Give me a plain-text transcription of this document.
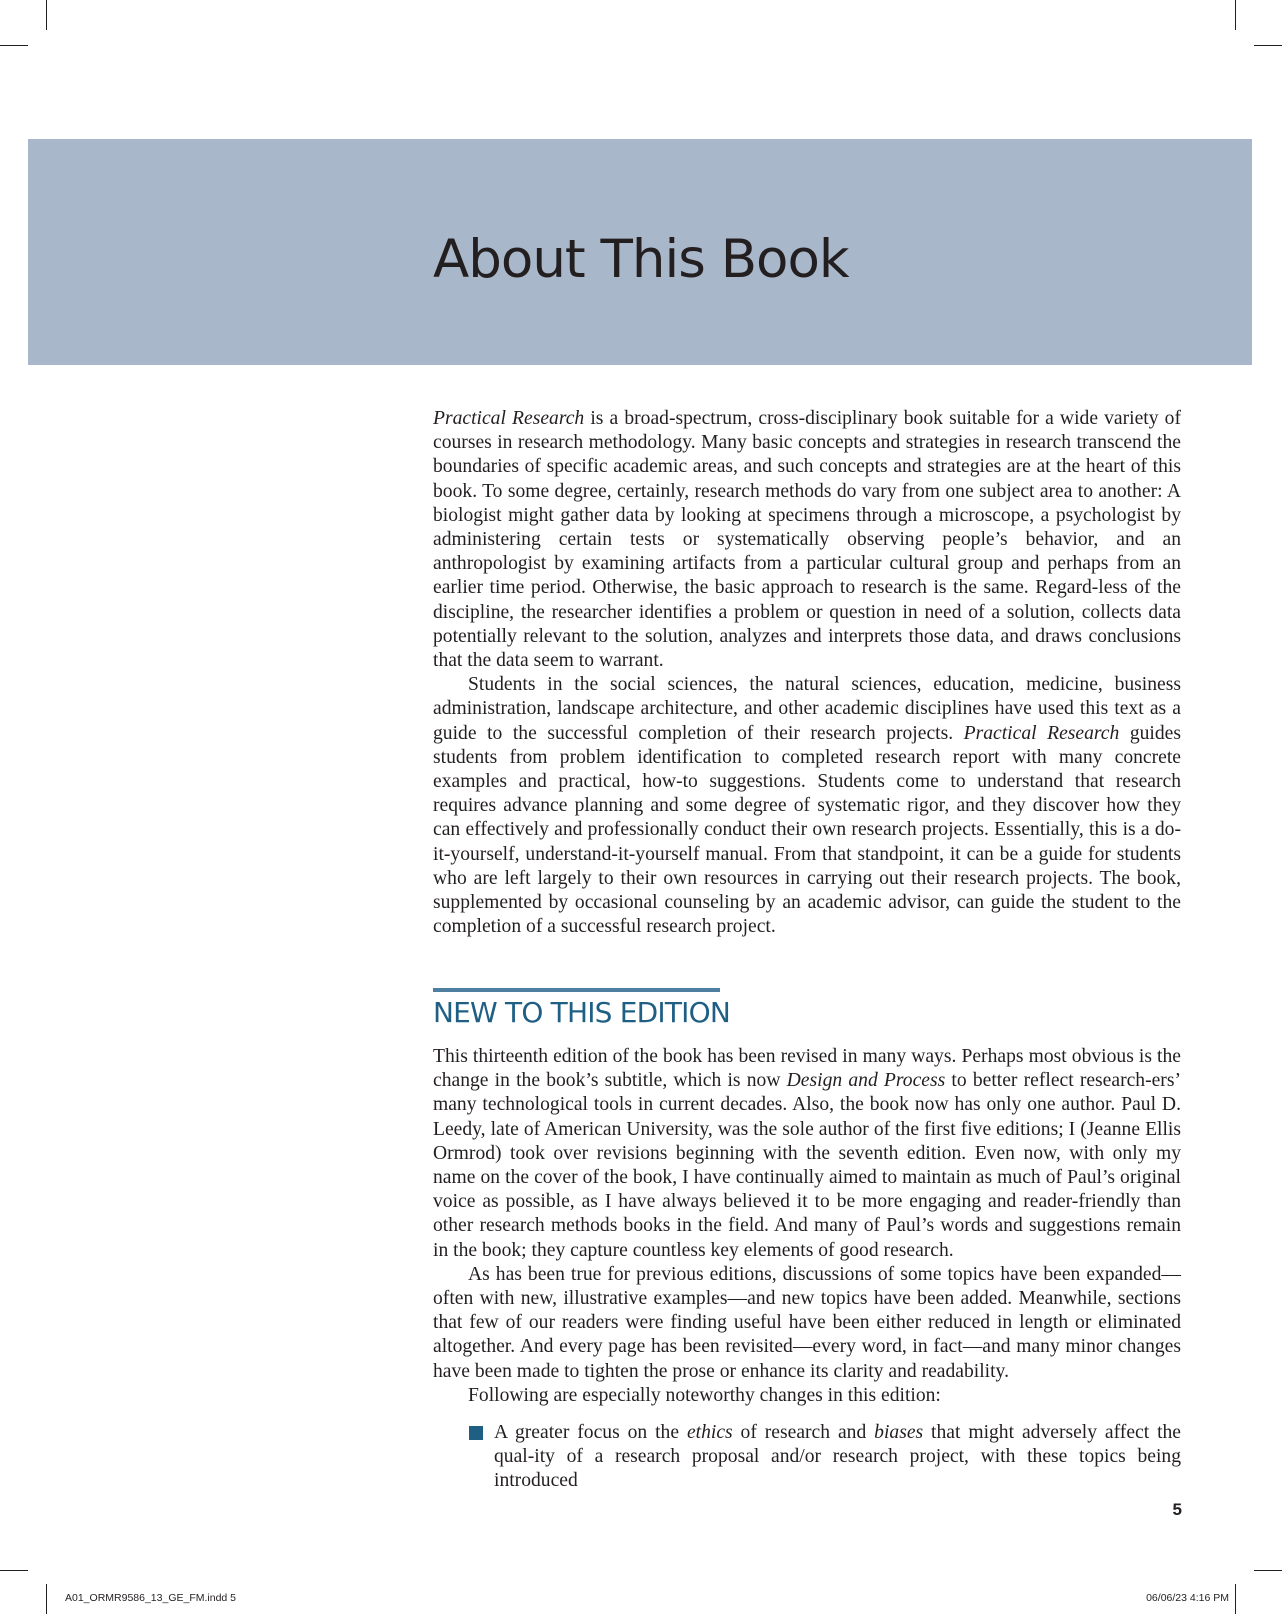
About This Book

Practical Research is a broad-spectrum, cross-disciplinary book suitable for a wide variety of courses in research methodology. Many basic concepts and strategies in research transcend the boundaries of specific academic areas, and such concepts and strategies are at the heart of this book. To some degree, certainly, research methods do vary from one subject area to another: A biologist might gather data by looking at specimens through a microscope, a psychologist by administering certain tests or systematically observing people’s behavior, and an anthropologist by examining artifacts from a particular cultural group and perhaps from an earlier time period. Otherwise, the basic approach to research is the same. Regard-less of the discipline, the researcher identifies a problem or question in need of a solution, collects data potentially relevant to the solution, analyzes and interprets those data, and draws conclusions that the data seem to warrant.

Students in the social sciences, the natural sciences, education, medicine, business administration, landscape architecture, and other academic disciplines have used this text as a guide to the successful completion of their research projects. Practical Research guides students from problem identification to completed research report with many concrete examples and practical, how-to suggestions. Students come to understand that research requires advance planning and some degree of systematic rigor, and they discover how they can effectively and professionally conduct their own research projects. Essentially, this is a do-it-yourself, understand-it-yourself manual. From that standpoint, it can be a guide for students who are left largely to their own resources in carrying out their research projects. The book, supplemented by occasional counseling by an academic advisor, can guide the student to the completion of a successful research project.

NEW TO THIS EDITION

This thirteenth edition of the book has been revised in many ways. Perhaps most obvious is the change in the book’s subtitle, which is now Design and Process to better reflect research-ers’ many technological tools in current decades. Also, the book now has only one author. Paul D. Leedy, late of American University, was the sole author of the first five editions; I (Jeanne Ellis Ormrod) took over revisions beginning with the seventh edition. Even now, with only my name on the cover of the book, I have continually aimed to maintain as much of Paul’s original voice as possible, as I have always believed it to be more engaging and reader-friendly than other research methods books in the field. And many of Paul’s words and suggestions remain in the book; they capture countless key elements of good research.

As has been true for previous editions, discussions of some topics have been expanded—often with new, illustrative examples—and new topics have been added. Meanwhile, sections that few of our readers were finding useful have been either reduced in length or eliminated altogether. And every page has been revisited—every word, in fact—and many minor changes have been made to tighten the prose or enhance its clarity and readability.

Following are especially noteworthy changes in this edition:

A greater focus on the ethics of research and biases that might adversely affect the qual-ity of a research proposal and/or research project, with these topics being introduced
5
A01_ORMR9586_13_GE_FM.indd 5	06/06/23 4:16 PM
